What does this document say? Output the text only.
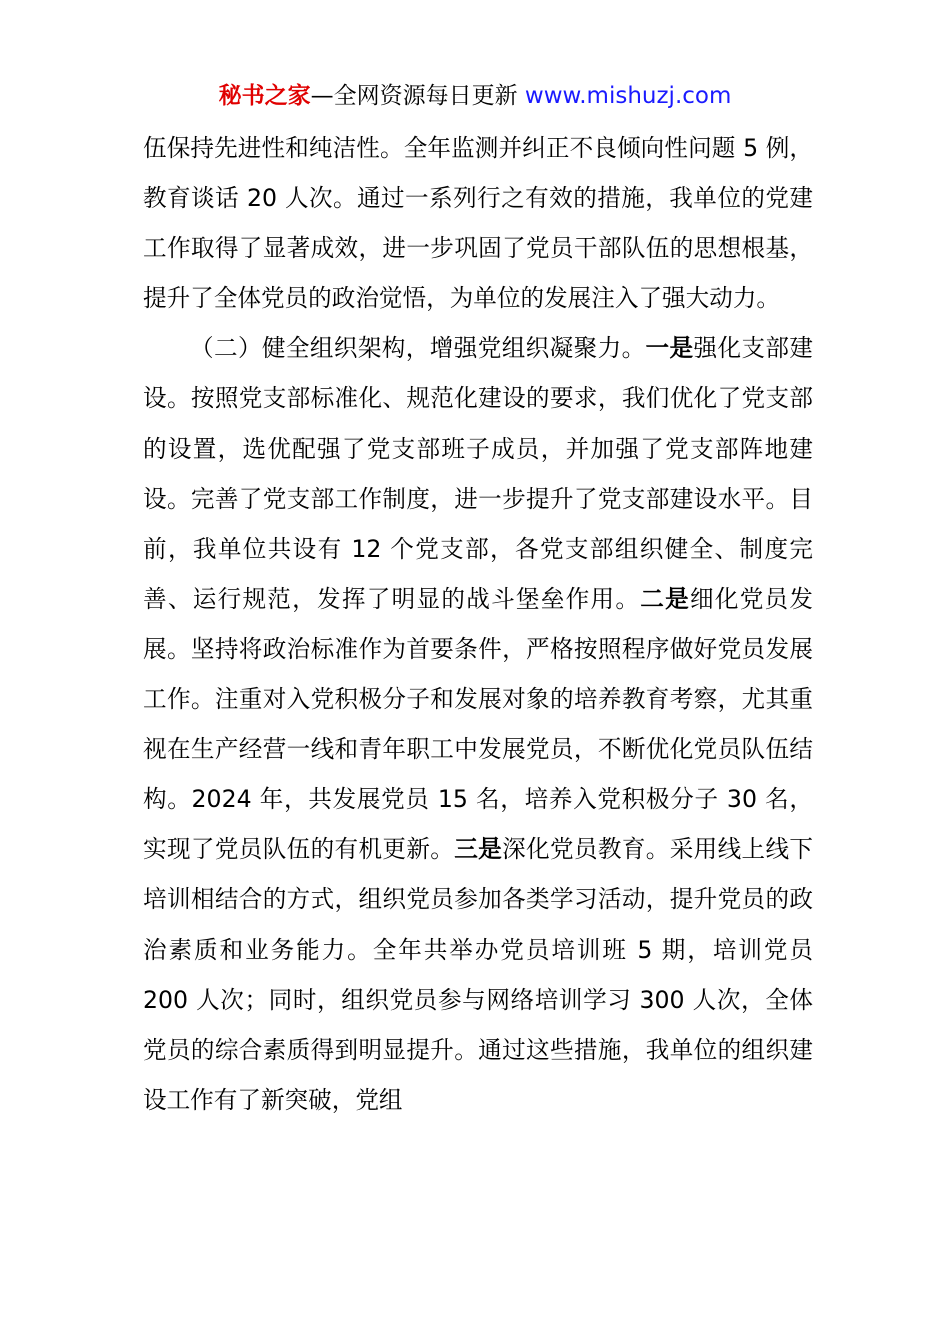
秘书之家—全网资源每日更新 www.mishuzj.com

伍保持先进性和纯洁性。全年监测并纠正不良倾向性问题 5 例，教育谈话 20 人次。通过一系列行之有效的措施，我单位的党建工作取得了显著成效，进一步巩固了党员干部队伍的思想根基，提升了全体党员的政治觉悟，为单位的发展注入了强大动力。

（二）健全组织架构，增强党组织凝聚力。一是强化支部建设。按照党支部标准化、规范化建设的要求，我们优化了党支部的设置，选优配强了党支部班子成员，并加强了党支部阵地建设。完善了党支部工作制度，进一步提升了党支部建设水平。目前，我单位共设有 12 个党支部，各党支部组织健全、制度完善、运行规范，发挥了明显的战斗堡垒作用。二是细化党员发展。坚持将政治标准作为首要条件，严格按照程序做好党员发展工作。注重对入党积极分子和发展对象的培养教育考察，尤其重视在生产经营一线和青年职工中发展党员，不断优化党员队伍结构。2024 年，共发展党员 15 名，培养入党积极分子 30 名，实现了党员队伍的有机更新。三是深化党员教育。采用线上线下培训相结合的方式，组织党员参加各类学习活动，提升党员的政治素质和业务能力。全年共举办党员培训班 5 期，培训党员 200 人次；同时，组织党员参与网络培训学习 300 人次，全体党员的综合素质得到明显提升。通过这些措施，我单位的组织建设工作有了新突破，党组
